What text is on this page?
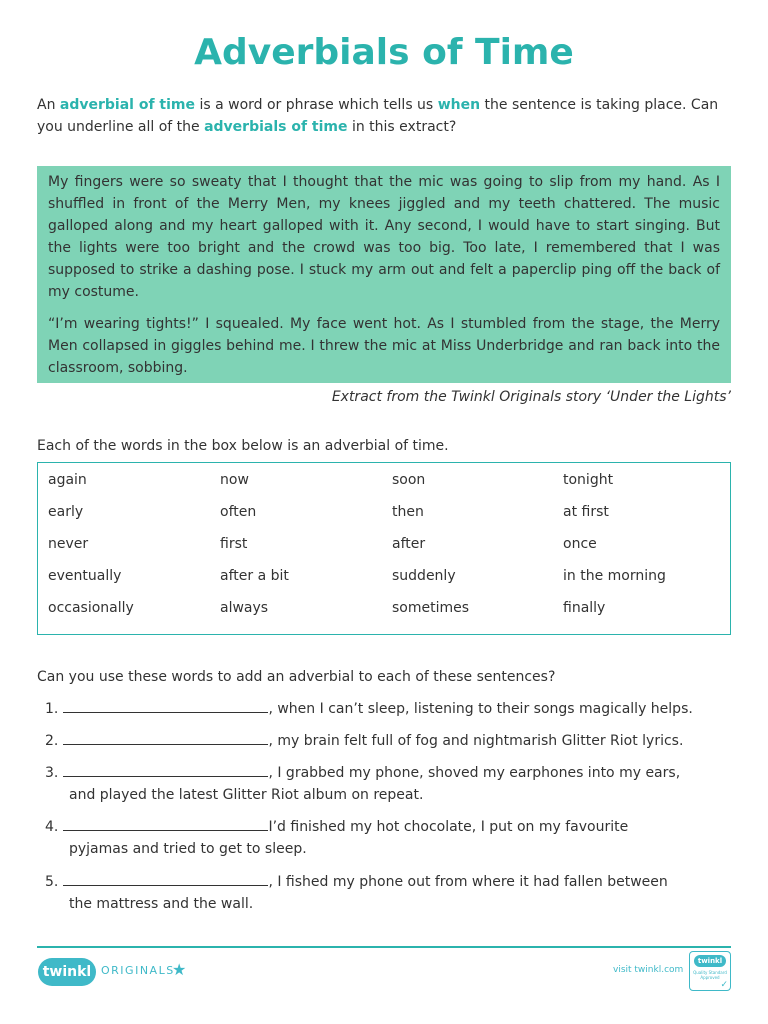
Adverbials of Time

An adverbial of time is a word or phrase which tells us when the sentence is taking place. Can you underline all of the adverbials of time in this extract?

My fingers were so sweaty that I thought that the mic was going to slip from my hand. As I shuffled in front of the Merry Men, my knees jiggled and my teeth chattered. The music galloped along and my heart galloped with it. Any second, I would have to start singing. But the lights were too bright and the crowd was too big. Too late, I remembered that I was supposed to strike a dashing pose. I stuck my arm out and felt a paperclip ping off the back of my costume.

“I’m wearing tights!” I squealed. My face went hot. As I stumbled from the stage, the Merry Men collapsed in giggles behind me. I threw the mic at Miss Underbridge and ran back into the classroom, sobbing.

Extract from the Twinkl Originals story ‘Under the Lights’
Each of the words in the box below is an adverbial of time.
again	now	soon	tonight
early	often	then	at first
never	first	after	once
eventually	after a bit	suddenly	in the morning
occasionally	always	sometimes	finally
Can you use these words to add an adverbial to each of these sentences?
1.	, when I can’t sleep, listening to their songs magically helps.
2.	, my brain felt full of fog and nightmarish Glitter Riot lyrics.
3.	, I grabbed my phone, shoved my earphones into my ears,
and played the latest Glitter Riot album on repeat.
4.	I’d finished my hot chocolate, I put on my favourite
pyjamas and tried to get to sleep.
5.	, I fished my phone out from where it had fallen between
the mattress and the wall.
twinkl ORIGINALS
★	visit twinkl.com
twinkl
Quality Standard Approved
✓
